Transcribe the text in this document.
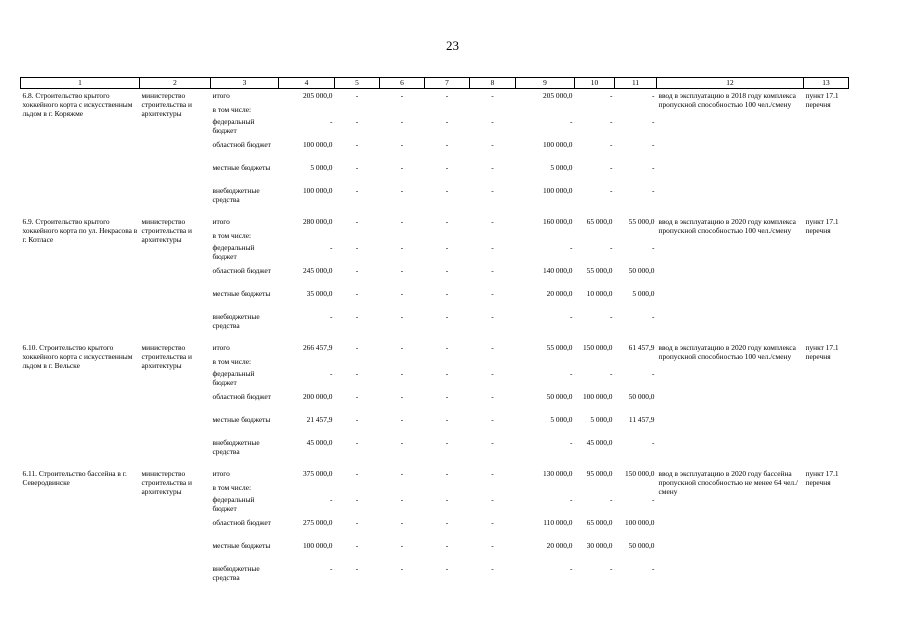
23
1	2	3	4	5	6	7	8	9	10	11	12	13
6.8. Строительство крытого хоккейного корта с искусственным льдом в г. Коряжме	министерство строительства и архитектуры	итого	205 000,0	-	-	-	-	205 000,0	-	-	ввод в эксплуатацию в 2018 году комплекса пропускной способностью 100 чел./смену	пункт 17.1 перечня
		в том числе:										
		федеральный бюджет	-	-	-	-	-	-	-	-		
		областной бюджет	100 000,0	-	-	-	-	100 000,0	-	-		
		местные бюджеты	5 000,0	-	-	-	-	5 000,0	-	-		
		внебюджетные средства	100 000,0	-	-	-	-	100 000,0	-	-		

6.9. Строительство крытого хоккейного корта по ул. Некрасова в г. Котласе	министерство строительства и архитектуры	итого	280 000,0	-	-	-	-	160 000,0	65 000,0	55 000,0	ввод в эксплуатацию в 2020 году комплекса пропускной способностью 100 чел./смену	пункт 17.1 перечня
		в том числе:										
		федеральный бюджет	-	-	-	-	-	-	-	-		
		областной бюджет	245 000,0	-	-	-	-	140 000,0	55 000,0	50 000,0		
		местные бюджеты	35 000,0	-	-	-	-	20 000,0	10 000,0	5 000,0		
		внебюджетные средства	-	-	-	-	-	-	-	-		

6.10. Строительство крытого хоккейного корта с искусственным льдом в г. Вельске	министерство строительства и архитектуры	итого	266 457,9	-	-	-	-	55 000,0	150 000,0	61 457,9	ввод в эксплуатацию в 2020 году комплекса пропускной способностью 100 чел./смену	пункт 17.1 перечня
		в том числе:										
		федеральный бюджет	-	-	-	-	-	-	-	-		
		областной бюджет	200 000,0	-	-	-	-	50 000,0	100 000,0	50 000,0		
		местные бюджеты	21 457,9	-	-	-	-	5 000,0	5 000,0	11 457,9		
		внебюджетные средства	45 000,0	-	-	-	-	-	45 000,0	-		

6.11. Строительство бассейна в г. Северодвинске	министерство строительства и архитектуры	итого	375 000,0	-	-	-	-	130 000,0	95 000,0	150 000,0	ввод в эксплуатацию в 2020 году бассейна пропускной способностью не менее 64 чел./смену	пункт 17.1 перечня
		в том числе:										
		федеральный бюджет	-	-	-	-	-	-	-	-		
		областной бюджет	275 000,0	-	-	-	-	110 000,0	65 000,0	100 000,0		
		местные бюджеты	100 000,0	-	-	-	-	20 000,0	30 000,0	50 000,0		
		внебюджетные средства	-	-	-	-	-	-	-	-		
